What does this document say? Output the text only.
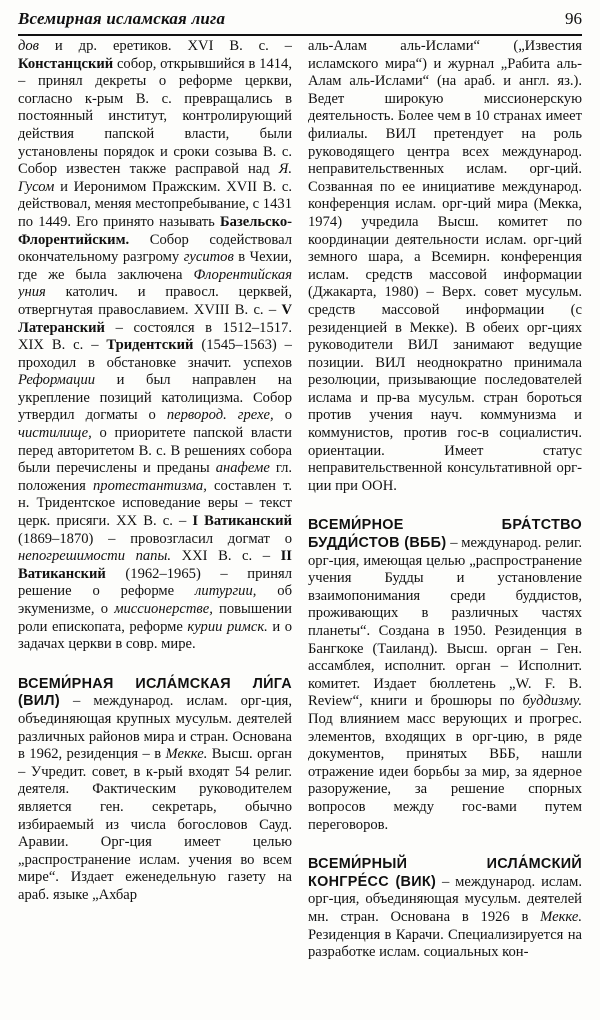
Всемирная исламская лига	96

дов и др. еретиков. XVI В. с. – Констанцский собор, открывшийся в 1414, – принял декреты о реформе церкви, согласно к-рым В. с. превращались в постоянный институт, контролирующий действия папской власти, были установлены порядок и сроки созыва В. с. Собор известен также расправой над Я. Гусом и Иеронимом Пражским. XVII В. с. действовал, меняя местопребывание, с 1431 по 1449. Его принято называть Базельско-Флорентийским. Собор содействовал окончательному разгрому гуситов в Чехии, где же была заключена Флорентийская уния католич. и правосл. церквей, отвергнутая православием. XVIII В. с. – V Латеранский – состоялся в 1512–1517. XIX В. с. – Тридентский (1545–1563) – проходил в обстановке значит. успехов Реформации и был направлен на укрепление позиций католицизма. Собор утвердил догматы о первород. грехе, о чистилище, о приоритете папской власти перед авторитетом В. с. В решениях собора были перечислены и преданы анафеме гл. положения протестантизма, составлен т. н. Тридентское исповедание веры – текст церк. присяги. XX В. с. – I Ватиканский (1869–1870) – провозгласил догмат о непогрешимости папы. XXI В. с. – II Ватиканский (1962–1965) – принял решение о реформе литургии, об экуменизме, о миссионерстве, повышении роли епископата, реформе курии римск. и о задачах церкви в совр. мире.

ВСЕМИ́РНАЯ ИСЛА́МСКАЯ ЛИ́ГА (ВИЛ) – международ. ислам. орг-ция, объединяющая крупных мусульм. деятелей различных районов мира и стран. Основана в 1962, резиденция – в Мекке. Высш. орган – Учредит. совет, в к-рый входят 54 религ. деятеля. Фактическим руководителем является ген. секретарь, обычно избираемый из числа богословов Сауд. Аравии. Орг-ция имеет целью „распространение ислам. учения во всем мире“. Издает еженедельную газету на араб. языке „Ахбар

аль-Алам аль-Ислами“ („Известия исламского мира“) и журнал „Рабита аль-Алам аль-Ислами“ (на араб. и англ. яз.). Ведет широкую миссионерскую деятельность. Более чем в 10 странах имеет филиалы. ВИЛ претендует на роль руководящего центра всех международ. неправительственных ислам. орг-ций. Созванная по ее инициативе международ. конференция ислам. орг-ций мира (Мекка, 1974) учредила Высш. комитет по координации деятельности ислам. орг-ций земного шара, а Всемирн. конференция ислам. средств массовой информации (Джакарта, 1980) – Верх. совет мусульм. средств массовой информации (с резиденцией в Мекке). В обеих орг-циях руководители ВИЛ занимают ведущие позиции. ВИЛ неоднократно принимала резолюции, призывающие последователей ислама и пр-ва мусульм. стран бороться против учения науч. коммунизма и коммунистов, против гос-в социалистич. ориентации. Имеет статус неправительственной консультативной орг-ции при ООН.

ВСЕМИ́РНОЕ БРА́ТСТВО БУДДИ́СТОВ (ВББ) – международ. религ. орг-ция, имеющая целью „распространение учения Будды и установление взаимопонимания среди буддистов, проживающих в различных частях планеты“. Создана в 1950. Резиденция в Бангкоке (Таиланд). Высш. орган – Ген. ассамблея, исполнит. орган – Исполнит. комитет. Издает бюллетень „W. F. B. Review“, книги и брошюры по буддизму. Под влиянием масс верующих и прогрес. элементов, входящих в орг-цию, в ряде документов, принятых ВББ, нашли отражение идеи борьбы за мир, за ядерное разоружение, за решение спорных вопросов между гос-вами путем переговоров.

ВСЕМИ́РНЫЙ ИСЛА́МСКИЙ КОНГРЕ́СС (ВИК) – международ. ислам. орг-ция, объединяющая мусульм. деятелей мн. стран. Основана в 1926 в Мекке. Резиденция в Карачи. Специализируется на разработке ислам. социальных кон-
